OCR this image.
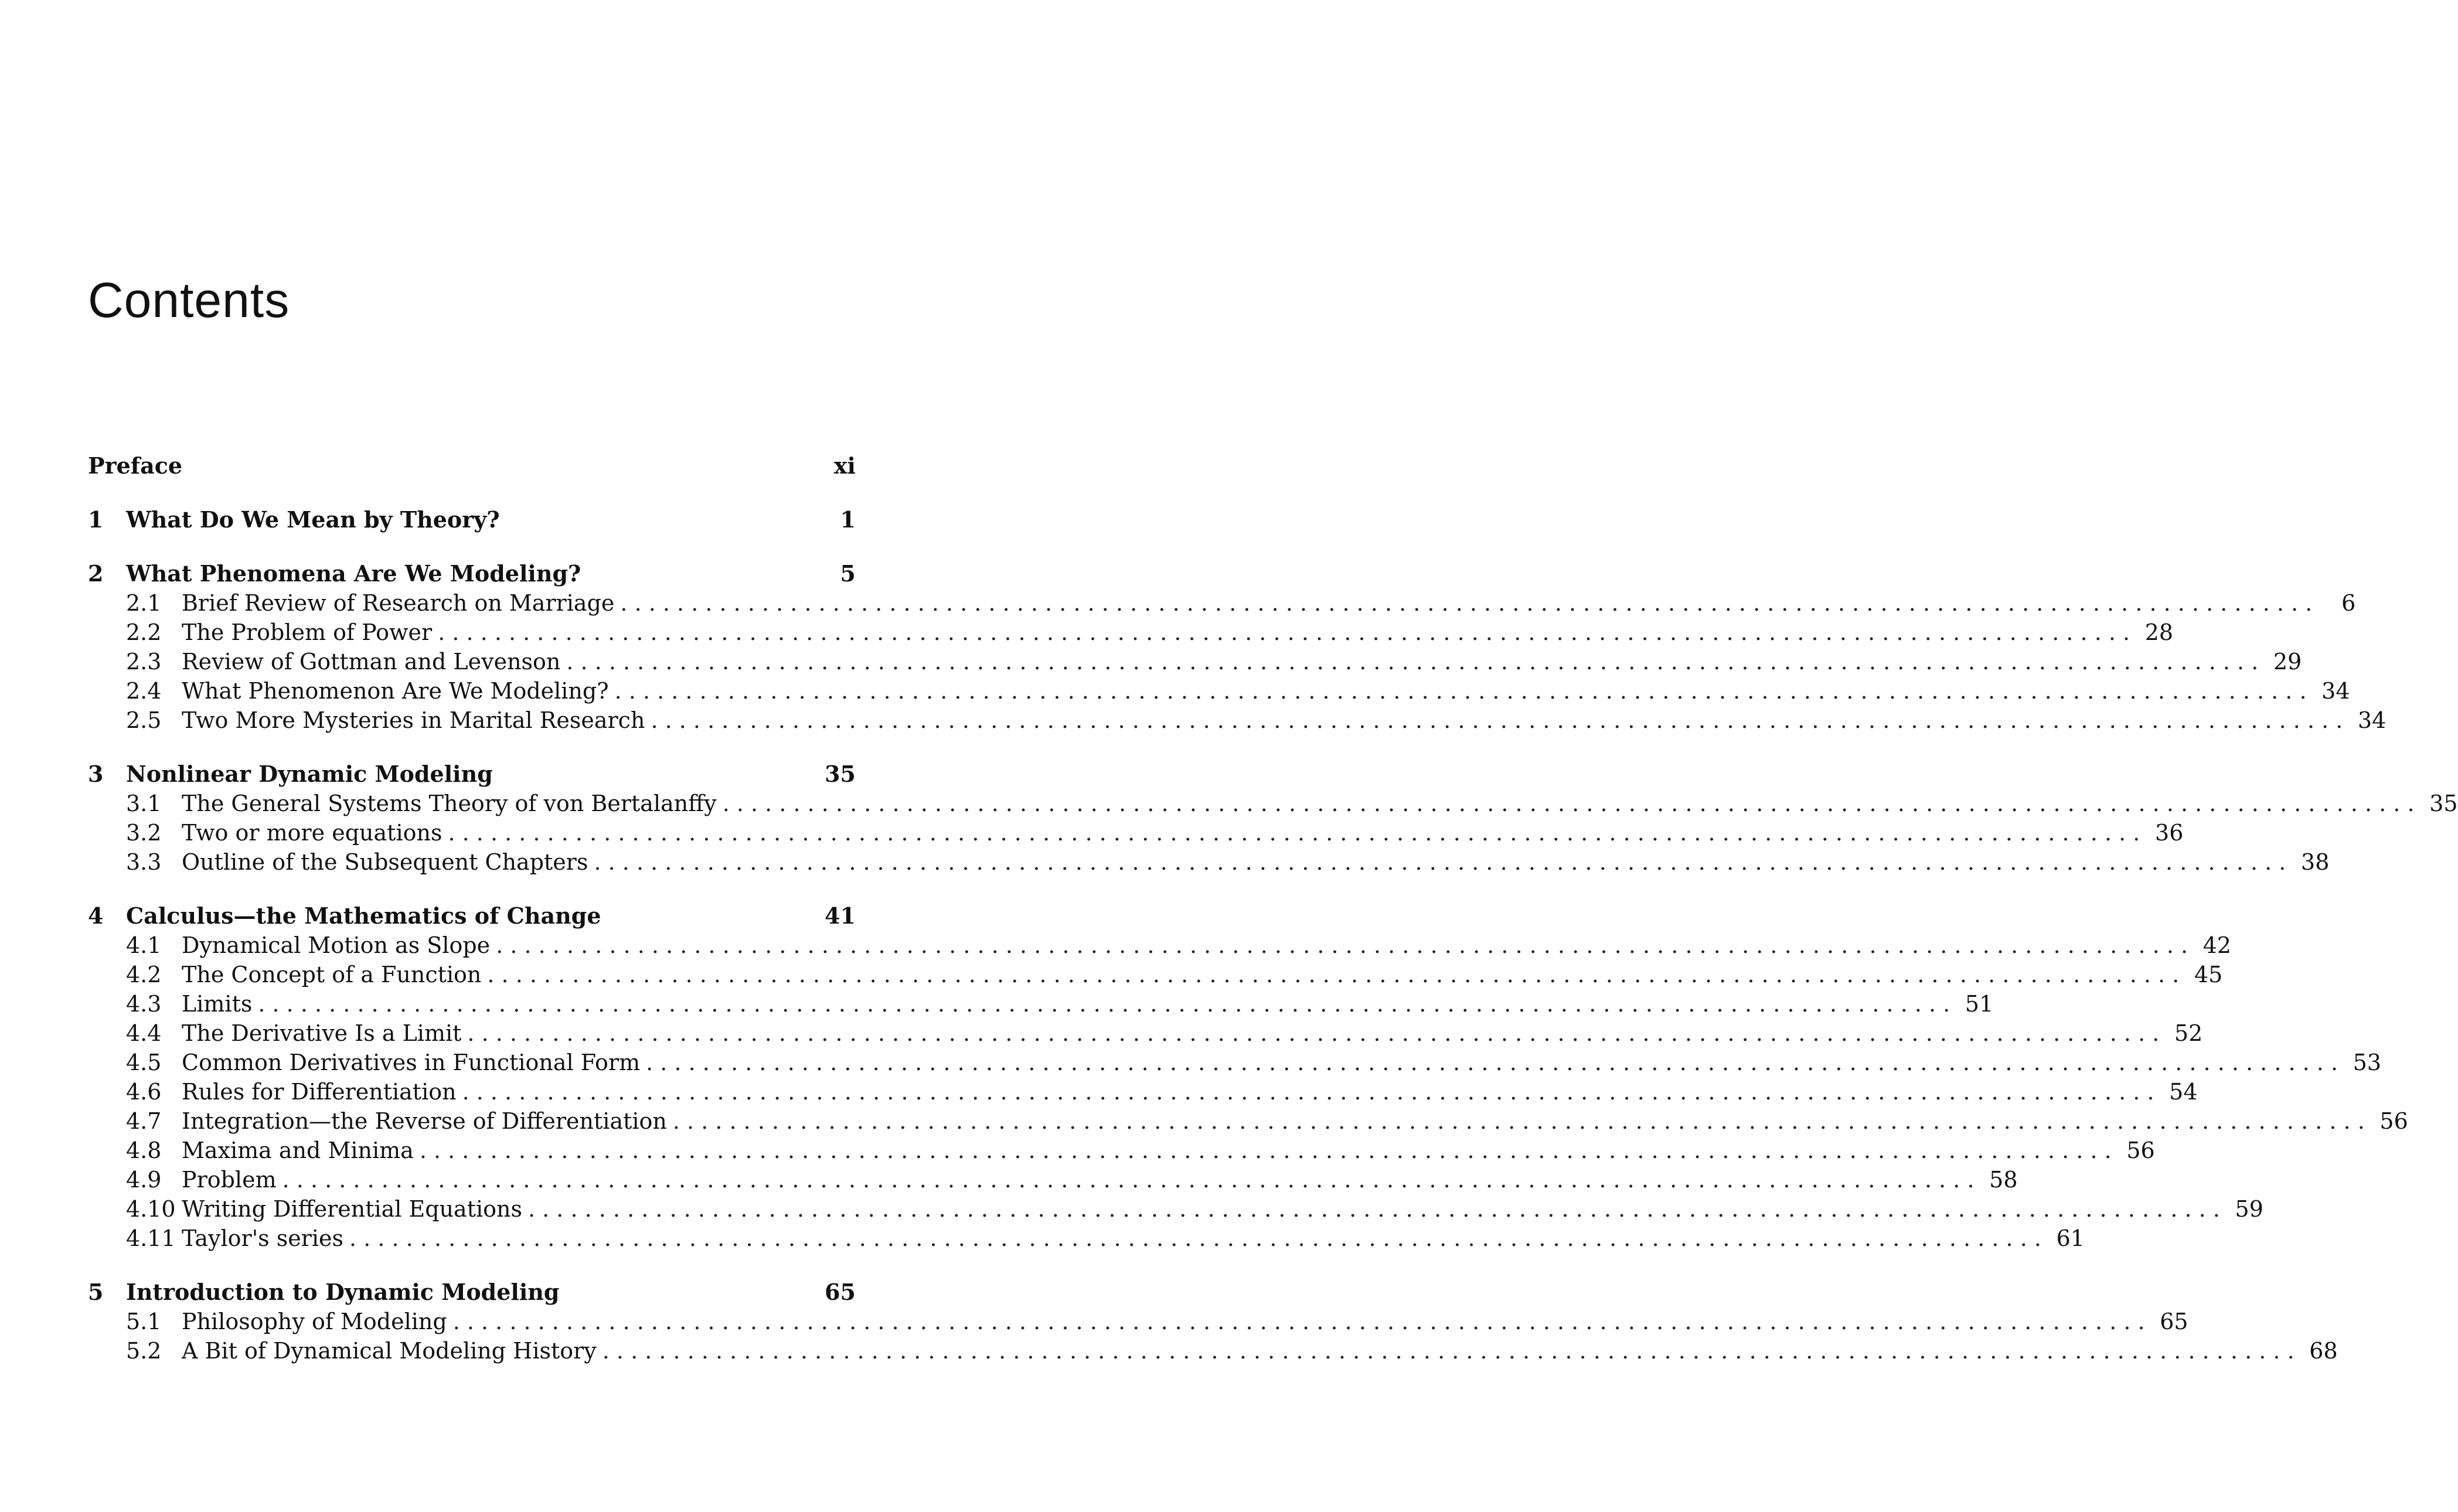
Contents
Preface	xi
1	What Do We Mean by Theory?	1
2	What Phenomena Are We Modeling?	5
2.1 Brief Review of Research on Marriage . . . . . . . . . . . . . . . . . . . . . . . . . . . . . . . . . . . . . . . . . . . . . . . . . . . . . . . . . . . . . . . . . . . . . . . . . . . . . . . . . . . . . . . . . . . . . . . . . . . . . . . . . . . . . . . . . . . . . . . .	6
2.2 The Problem of Power . . . . . . . . . . . . . . . . . . . . . . . . . . . . . . . . . . . . . . . . . . . . . . . . . . . . . . . . . . . . . . . . . . . . . . . . . . . . . . . . . . . . . . . . . . . . . . . . . . . . . . . . . . . . . . . . . . . . . . . . 28
2.3 Review of Gottman and Levenson . . . . . . . . . . . . . . . . . . . . . . . . . . . . . . . . . . . . . . . . . . . . . . . . . . . . . . . . . . . . . . . . . . . . . . . . . . . . . . . . . . . . . . . . . . . . . . . . . . . . . . . . . . . . . . . . . . . . . . . . 29
2.4 What Phenomenon Are We Modeling? . . . . . . . . . . . . . . . . . . . . . . . . . . . . . . . . . . . . . . . . . . . . . . . . . . . . . . . . . . . . . . . . . . . . . . . . . . . . . . . . . . . . . . . . . . . . . . . . . . . . . . . . . . . . . . . . . . . . . . . . 34
2.5 Two More Mysteries in Marital Research . . . . . . . . . . . . . . . . . . . . . . . . . . . . . . . . . . . . . . . . . . . . . . . . . . . . . . . . . . . . . . . . . . . . . . . . . . . . . . . . . . . . . . . . . . . . . . . . . . . . . . . . . . . . . . . . . . . . . . . . 34
3	Nonlinear Dynamic Modeling	35
3.1 The General Systems Theory of von Bertalanffy . . . . . . . . . . . . . . . . . . . . . . . . . . . . . . . . . . . . . . . . . . . . . . . . . . . . . . . . . . . . . . . . . . . . . . . . . . . . . . . . . . . . . . . . . . . . . . . . . . . . . . . . . . . . . . . . . . . . . . . . 35
3.2 Two or more equations . . . . . . . . . . . . . . . . . . . . . . . . . . . . . . . . . . . . . . . . . . . . . . . . . . . . . . . . . . . . . . . . . . . . . . . . . . . . . . . . . . . . . . . . . . . . . . . . . . . . . . . . . . . . . . . . . . . . . . . . 36
3.3 Outline of the Subsequent Chapters . . . . . . . . . . . . . . . . . . . . . . . . . . . . . . . . . . . . . . . . . . . . . . . . . . . . . . . . . . . . . . . . . . . . . . . . . . . . . . . . . . . . . . . . . . . . . . . . . . . . . . . . . . . . . . . . . . . . . . . . 38
4	Calculus—the Mathematics of Change	41
4.1 Dynamical Motion as Slope . . . . . . . . . . . . . . . . . . . . . . . . . . . . . . . . . . . . . . . . . . . . . . . . . . . . . . . . . . . . . . . . . . . . . . . . . . . . . . . . . . . . . . . . . . . . . . . . . . . . . . . . . . . . . . . . . . . . . . . . 42
4.2 The Concept of a Function . . . . . . . . . . . . . . . . . . . . . . . . . . . . . . . . . . . . . . . . . . . . . . . . . . . . . . . . . . . . . . . . . . . . . . . . . . . . . . . . . . . . . . . . . . . . . . . . . . . . . . . . . . . . . . . . . . . . . . . . 45
4.3 Limits . . . . . . . . . . . . . . . . . . . . . . . . . . . . . . . . . . . . . . . . . . . . . . . . . . . . . . . . . . . . . . . . . . . . . . . . . . . . . . . . . . . . . . . . . . . . . . . . . . . . . . . . . . . . . . . . . . . . . . . . 51
4.4 The Derivative Is a Limit . . . . . . . . . . . . . . . . . . . . . . . . . . . . . . . . . . . . . . . . . . . . . . . . . . . . . . . . . . . . . . . . . . . . . . . . . . . . . . . . . . . . . . . . . . . . . . . . . . . . . . . . . . . . . . . . . . . . . . . . 52
4.5 Common Derivatives in Functional Form . . . . . . . . . . . . . . . . . . . . . . . . . . . . . . . . . . . . . . . . . . . . . . . . . . . . . . . . . . . . . . . . . . . . . . . . . . . . . . . . . . . . . . . . . . . . . . . . . . . . . . . . . . . . . . . . . . . . . . . . 53
4.6 Rules for Differentiation . . . . . . . . . . . . . . . . . . . . . . . . . . . . . . . . . . . . . . . . . . . . . . . . . . . . . . . . . . . . . . . . . . . . . . . . . . . . . . . . . . . . . . . . . . . . . . . . . . . . . . . . . . . . . . . . . . . . . . . . 54
4.7 Integration—the Reverse of Differentiation . . . . . . . . . . . . . . . . . . . . . . . . . . . . . . . . . . . . . . . . . . . . . . . . . . . . . . . . . . . . . . . . . . . . . . . . . . . . . . . . . . . . . . . . . . . . . . . . . . . . . . . . . . . . . . . . . . . . . . . . 56
4.8 Maxima and Minima . . . . . . . . . . . . . . . . . . . . . . . . . . . . . . . . . . . . . . . . . . . . . . . . . . . . . . . . . . . . . . . . . . . . . . . . . . . . . . . . . . . . . . . . . . . . . . . . . . . . . . . . . . . . . . . . . . . . . . . . 56
4.9 Problem . . . . . . . . . . . . . . . . . . . . . . . . . . . . . . . . . . . . . . . . . . . . . . . . . . . . . . . . . . . . . . . . . . . . . . . . . . . . . . . . . . . . . . . . . . . . . . . . . . . . . . . . . . . . . . . . . . . . . . . . 58
4.10 Writing Differential Equations . . . . . . . . . . . . . . . . . . . . . . . . . . . . . . . . . . . . . . . . . . . . . . . . . . . . . . . . . . . . . . . . . . . . . . . . . . . . . . . . . . . . . . . . . . . . . . . . . . . . . . . . . . . . . . . . . . . . . . . . 59
4.11 Taylor's series . . . . . . . . . . . . . . . . . . . . . . . . . . . . . . . . . . . . . . . . . . . . . . . . . . . . . . . . . . . . . . . . . . . . . . . . . . . . . . . . . . . . . . . . . . . . . . . . . . . . . . . . . . . . . . . . . . . . . . . . 61
5	Introduction to Dynamic Modeling	65
5.1 Philosophy of Modeling . . . . . . . . . . . . . . . . . . . . . . . . . . . . . . . . . . . . . . . . . . . . . . . . . . . . . . . . . . . . . . . . . . . . . . . . . . . . . . . . . . . . . . . . . . . . . . . . . . . . . . . . . . . . . . . . . . . . . . . . 65
5.2 A Bit of Dynamical Modeling History . . . . . . . . . . . . . . . . . . . . . . . . . . . . . . . . . . . . . . . . . . . . . . . . . . . . . . . . . . . . . . . . . . . . . . . . . . . . . . . . . . . . . . . . . . . . . . . . . . . . . . . . . . . . . . . . . . . . . . . . 68
